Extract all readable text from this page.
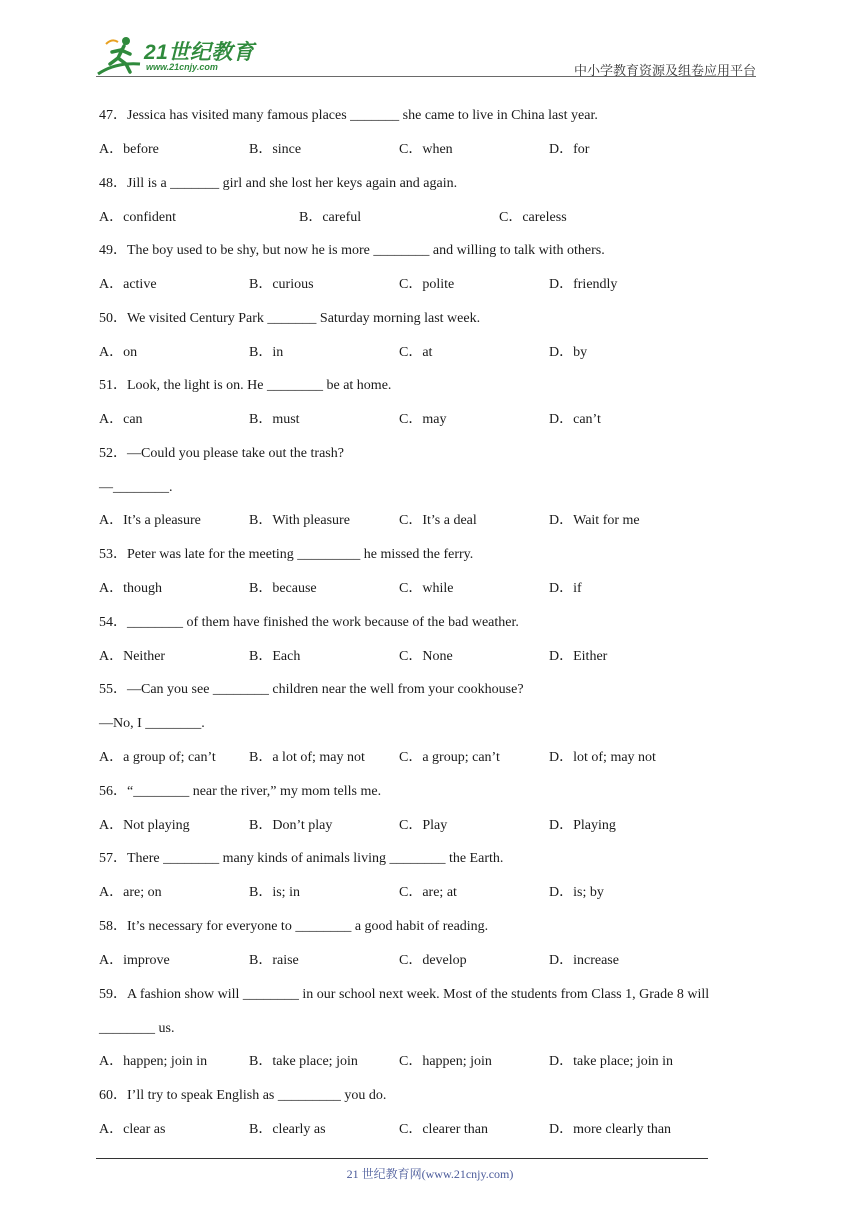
21世纪教育
www.21cnjy.com	中小学教育资源及组卷应用平台
47．Jessica has visited many famous places _______ she came to live in China last year.
A．before	B．since	C．when	D．for
48．Jill is a _______ girl and she lost her keys again and again.
A．confident	B．careful	C．careless
49．The boy used to be shy, but now he is more ________ and willing to talk with others.
A．active	B．curious	C．polite	D．friendly
50．We visited Century Park _______ Saturday morning last week.
A．on	B．in	C．at	D．by
51．Look, the light is on. He ________ be at home.
A．can	B．must	C．may	D．can’t
52．—Could you please take out the trash?
—________.
A．It’s a pleasure	B．With pleasure	C．It’s a deal	D．Wait for me
53．Peter was late for the meeting _________ he missed the ferry.
A．though	B．because	C．while	D．if
54．________ of them have finished the work because of the bad weather.
A．Neither	B．Each	C．None	D．Either
55．—Can you see ________ children near the well from your cookhouse?
—No, I ________.
A．a group of; can’t B．a lot of; may not C．a group; can’t	D．lot of; may not
56．“________ near the river,” my mom tells me.
A．Not playing	B．Don’t play	C．Play	D．Playing
57．There ________ many kinds of animals living ________ the Earth.
A．are; on	B．is; in	C．are; at	D．is; by
58．It’s necessary for everyone to ________ a good habit of reading.
A．improve	B．raise	C．develop	D．increase
59．A fashion show will ________ in our school next week. Most of the students from Class 1, Grade 8 will
________ us.
A．happen; join in	B．take place; join	C．happen; join	D．take place; join in
60．I’ll try to speak English as _________ you do.
A．clear as	B．clearly as	C．clearer than	D．more clearly than
21 世纪教育网(www.21cnjy.com)
